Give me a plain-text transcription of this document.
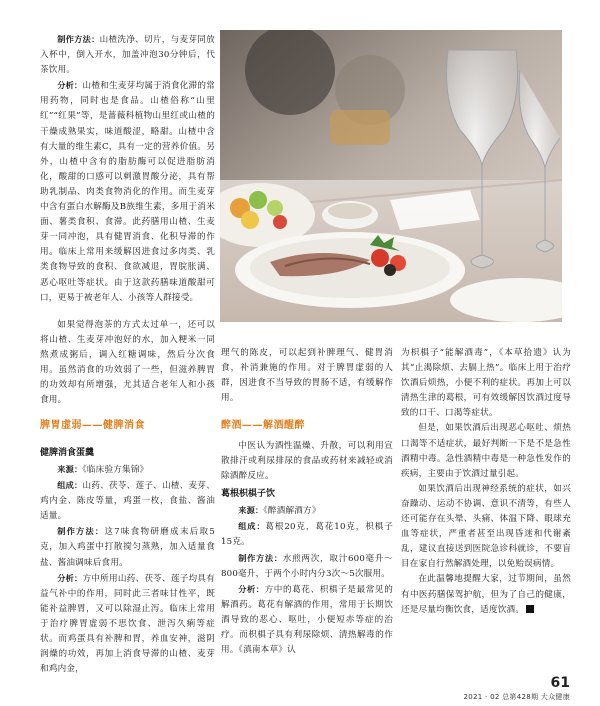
制作方法：山楂洗净、切片，与麦芽同放入杯中，倒入开水，加盖冲泡30分钟后，代茶饮用。

分析：山楂和生麦芽均属于消食化滞的常用药物，同时也是食品。山楂俗称“山里红”“红果”等，是蔷薇科植物山里红或山楂的干燥成熟果实，味道酸涩，略甜。山楂中含有大量的维生素C，具有一定的营养价值。另外，山楂中含有的脂肪酶可以促进脂肪消化，酸甜的口感可以刺激胃酸分泌，具有帮助乳制品、肉类食物消化的作用。而生麦芽中含有蛋白水解酶及B族维生素，多用于消米面、薯类食积、食滞。此药膳用山楂、生麦芽一同冲泡，具有健胃消食、化积导滞的作用。临床上常用来缓解因进食过多肉类、乳类食物导致的食积、食欲减退，胃脘胀满、恶心呕吐等症状。由于这款药膳味道酸甜可口，更易于被老年人、小孩等人群接受。

如果觉得泡茶的方式太过单一，还可以将山楂、生麦芽冲泡好的水，加入粳米一同熬煮成粥后，调入红糖调味，然后分次食用。虽然消食的功效弱了一些，但滋养脾胃的功效却有所增强，尤其适合老年人和小孩食用。

脾胃虚弱——健脾消食
健脾消食蛋羹

来源：《临床验方集锦》

组成：山药、茯苓、莲子、山楂、麦芽、鸡内金、陈皮等量，鸡蛋一枚，食盐、酱油适量。

制作方法：这7味食物研磨成末后取5克，加入鸡蛋中打散搅匀蒸熟，加入适量食盐、酱油调味后食用。

分析：方中所用山药、茯苓、莲子均具有益气补中的作用，同时此三者味甘性平，既能补益脾胃，又可以除湿止泻。临床上常用于治疗脾胃虚弱不思饮食、泄泻久痢等症状。而鸡蛋具有补脾和胃，养血安神，滋阴润燥的功效，再加上消食导滞的山楂、麦芽和鸡内金，

理气的陈皮，可以起到补脾理气、健胃消食，补消兼施的作用。对于脾胃虚弱的人群，因进食不当导致的胃肠不适，有缓解作用。

醉酒——解酒醒醉

中医认为酒性温燥、升散，可以利用宣散排汗或利尿排尿的食品或药材来减轻或消除酒醉反应。

葛根枳椇子饮

来源：《醉酒解酒方》

组成：葛根20克，葛花10克，枳椇子15克。

制作方法：水煎两次，取汁600毫升～800毫升，于两个小时内分3次～5次服用。

分析：方中的葛花、枳椇子是最常见的解酒药。葛花有解酒的作用，常用于长期饮酒导致的恶心、呕吐，小便短赤等症的治疗。而枳椇子具有利尿除烦、清热解毒的作用。《滇南本草》认

为枳椇子“能解酒毒”，《本草拾遗》认为其“止渴除烦、去膈上热”。临床上用于治疗饮酒后烦热，小便不利的症状。再加上可以清热生津的葛根，可有效缓解因饮酒过度导致的口干、口渴等症状。

但是，如果饮酒后出现恶心呕吐、烦热口渴等不适症状，最好判断一下是不是急性酒精中毒。急性酒精中毒是一种急性发作的疾病，主要由于饮酒过量引起。

如果饮酒后出现神经系统的症状，如兴奋躁动、运动不协调、意识不清等，有些人还可能存在头晕、头痛、体温下降、眼球充血等症状，严重者甚至出现昏迷和代谢紊乱，建议直接送到医院急诊科就诊，不要盲目在家自行然解酒处理，以免贻误病情。

在此温馨地提醒大家，过节期间，虽然有中医药膳保驾护航，但为了自己的健康，还是尽量均衡饮食，适度饮酒。

61
2021 · 02 总第428期 大众健康
